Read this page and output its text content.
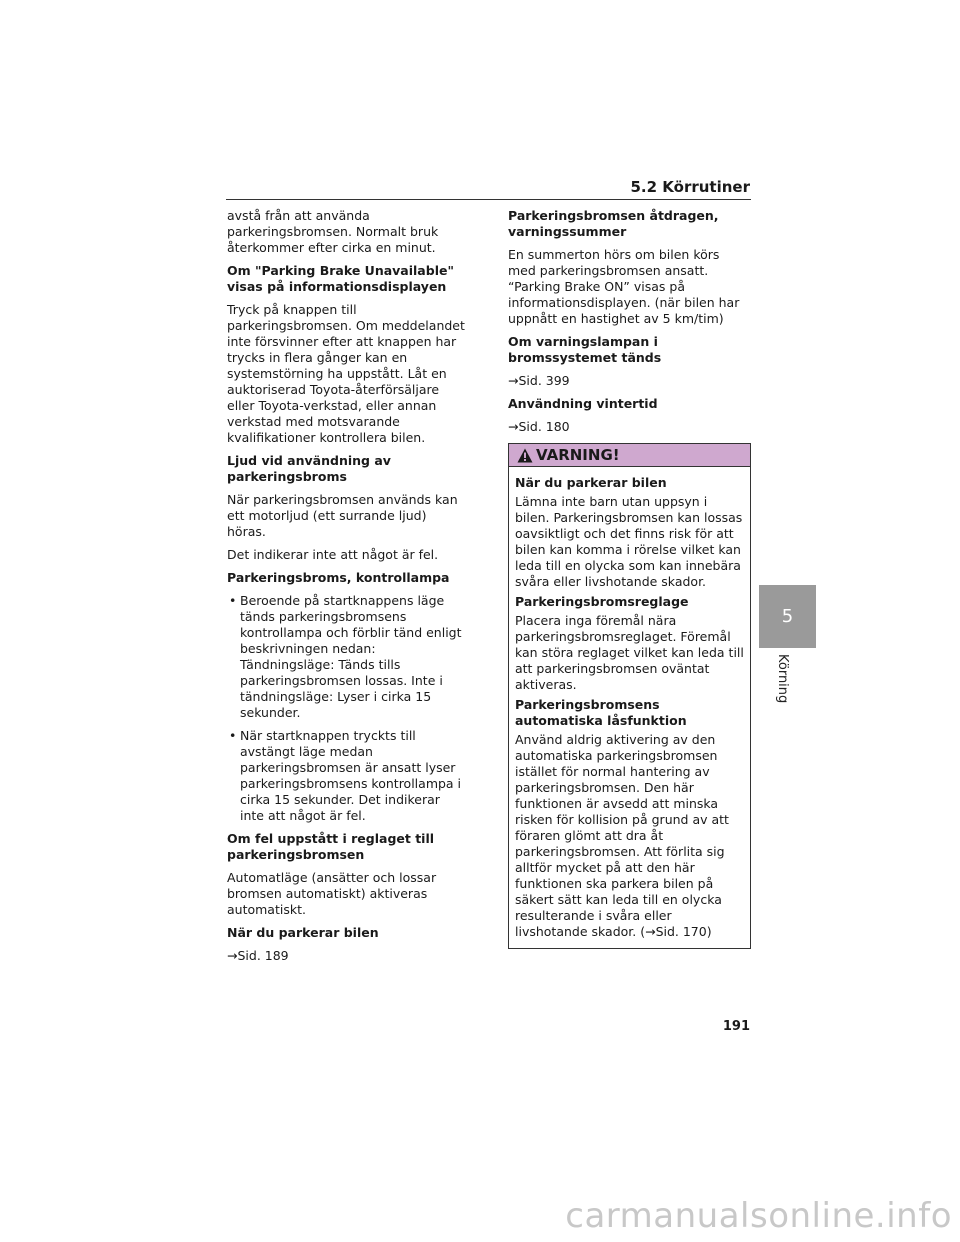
5.2 Körrutiner

avstå från att använda parkeringsbromsen. Normalt bruk återkommer efter cirka en minut.

Om "Parking Brake Unavailable" visas på informationsdisplayen

Tryck på knappen till parkeringsbromsen. Om meddelandet inte försvinner efter att knappen har trycks in flera gånger kan en systemstörning ha uppstått. Låt en auktoriserad Toyota-återförsäljare eller Toyota-verkstad, eller annan verkstad med motsvarande kvalifikationer kontrollera bilen.

Ljud vid användning av parkeringsbroms

När parkeringsbromsen används kan ett motorljud (ett surrande ljud) höras.

Det indikerar inte att något är fel.

Parkeringsbroms, kontrollampa
• Beroende på startknappens läge tänds parkeringsbromsens kontrollampa och förblir tänd enligt beskrivningen nedan: Tändningsläge: Tänds tills parkeringsbromsen lossas. Inte i tändningsläge: Lyser i cirka 15 sekunder.
• När startknappen tryckts till avstängt läge medan parkeringsbromsen är ansatt lyser parkeringsbromsens kontrollampa i cirka 15 sekunder. Det indikerar inte att något är fel.
Om fel uppstått i reglaget till parkeringsbromsen

Automatläge (ansätter och lossar bromsen automatiskt) aktiveras automatiskt.

När du parkerar bilen

→Sid. 189

Parkeringsbromsen åtdragen, varningssummer

En summerton hörs om bilen körs med parkeringsbromsen ansatt. “Parking Brake ON” visas på informationsdisplayen. (när bilen har uppnått en hastighet av 5 km/tim)

Om varningslampan i bromssystemet tänds

→Sid. 399

Användning vintertid

→Sid. 180

VARNING!
När du parkerar bilen

Lämna inte barn utan uppsyn i bilen. Parkeringsbromsen kan lossas oavsiktligt och det finns risk för att bilen kan komma i rörelse vilket kan leda till en olycka som kan innebära svåra eller livshotande skador.

Parkeringsbromsreglage

Placera inga föremål nära parkeringsbromsreglaget. Föremål kan störa reglaget vilket kan leda till att parkeringsbromsen oväntat aktiveras.

Parkeringsbromsens automatiska låsfunktion

Använd aldrig aktivering av den automatiska parkeringsbromsen istället för normal hantering av parkeringsbromsen. Den här funktionen är avsedd att minska risken för kollision på grund av att föraren glömt att dra åt parkeringsbromsen. Att förlita sig alltför mycket på att den här funktionen ska parkera bilen på säkert sätt kan leda till en olycka resulterande i svåra eller livshotande skador. (→Sid. 170)

5
Körning
191
carmanualsonline.info
